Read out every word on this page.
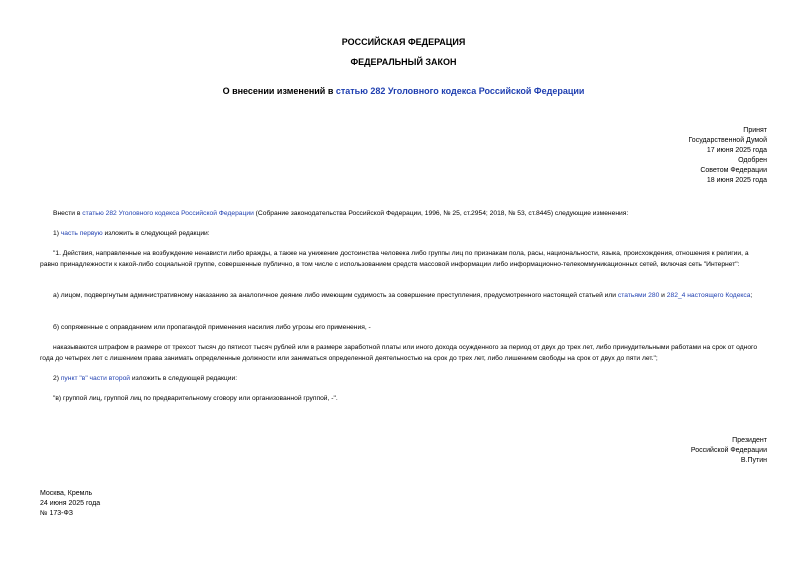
РОССИЙСКАЯ ФЕДЕРАЦИЯ
ФЕДЕРАЛЬНЫЙ ЗАКОН
О внесении изменений в статью 282 Уголовного кодекса Российской Федерации
Принят
Государственной Думой
17 июня 2025 года
Одобрен
Советом Федерации
18 июня 2025 года
Внести в статью 282 Уголовного кодекса Российской Федерации (Собрание законодательства Российской Федерации, 1996, № 25, ст.2954; 2018, № 53, ст.8445) следующие изменения:
1) часть первую изложить в следующей редакции:
"1. Действия, направленные на возбуждение ненависти либо вражды, а также на унижение достоинства человека либо группы лиц по признакам пола, расы, национальности, языка, происхождения, отношения к религии, а равно принадлежности к какой-либо социальной группе, совершенные публично, в том числе с использованием средств массовой информации либо информационно-телекоммуникационных сетей, включая сеть "Интернет":
а) лицом, подвергнутым административному наказанию за аналогичное деяние либо имеющим судимость за совершение преступления, предусмотренного настоящей статьей или статьями 280 и 282_4 настоящего Кодекса;
б) сопряженные с оправданием или пропагандой применения насилия либо угрозы его применения, -
наказываются штрафом в размере от трехсот тысяч до пятисот тысяч рублей или в размере заработной платы или иного дохода осужденного за период от двух до трех лет, либо принудительными работами на срок от одного года до четырех лет с лишением права занимать определенные должности или заниматься определенной деятельностью на срок до трех лет, либо лишением свободы на срок от двух до пяти лет.";
2) пункт "в" части второй изложить в следующей редакции:
"в) группой лиц, группой лиц по предварительному сговору или организованной группой, -".
Президент
Российской Федерации
В.Путин
Москва, Кремль
24 июня 2025 года
№ 173-ФЗ
